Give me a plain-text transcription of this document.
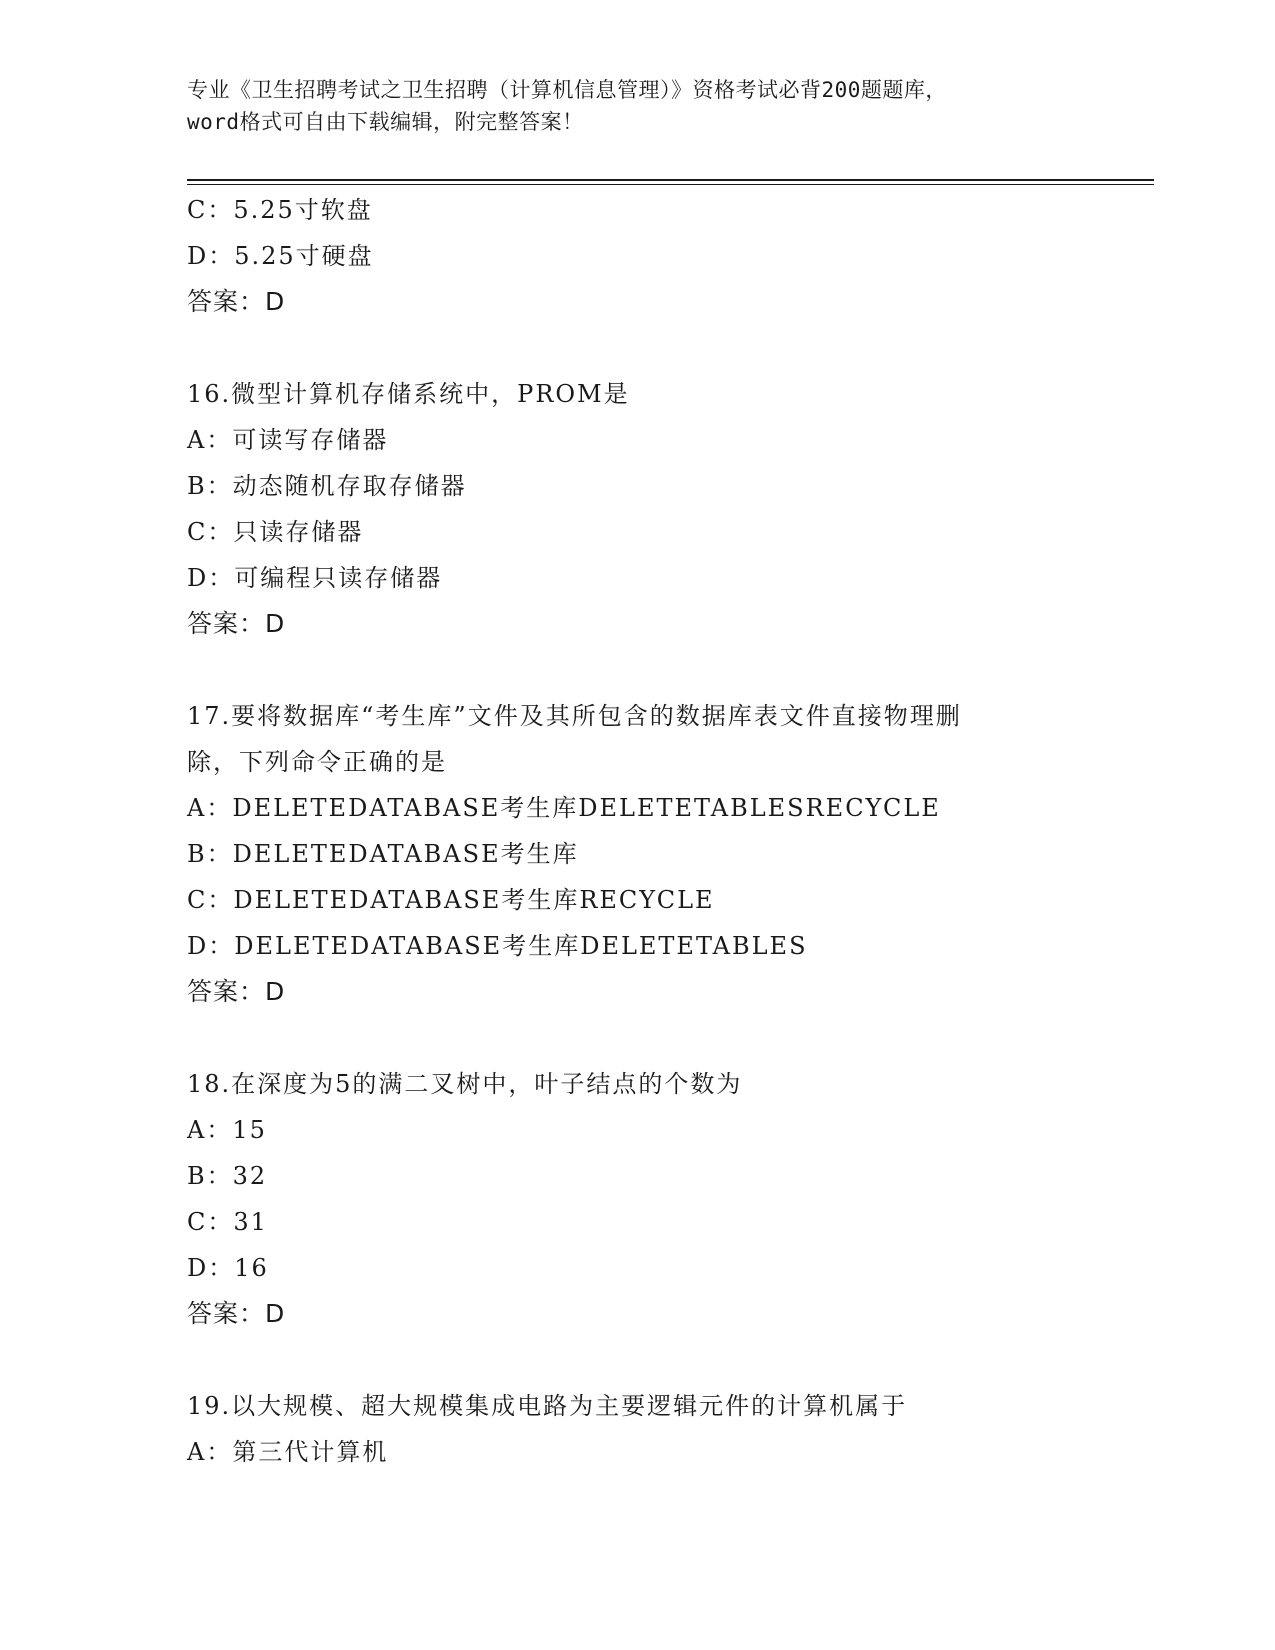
专业《卫生招聘考试之卫生招聘（计算机信息管理）》资格考试必背200题题库，
word格式可自由下载编辑，附完整答案！
C：5.25寸软盘
D：5.25寸硬盘
答案：D
16.微型计算机存储系统中，PROM是
A：可读写存储器
B：动态随机存取存储器
C：只读存储器
D：可编程只读存储器
答案：D
17.要将数据库“考生库”文件及其所包含的数据库表文件直接物理删
除，下列命令正确的是
A：DELETEDATABASE考生库DELETETABLESRECYCLE
B：DELETEDATABASE考生库
C：DELETEDATABASE考生库RECYCLE
D：DELETEDATABASE考生库DELETETABLES
答案：D
18.在深度为5的满二叉树中，叶子结点的个数为
A：15
B：32
C：31
D：16
答案：D
19.以大规模、超大规模集成电路为主要逻辑元件的计算机属于
A：第三代计算机
